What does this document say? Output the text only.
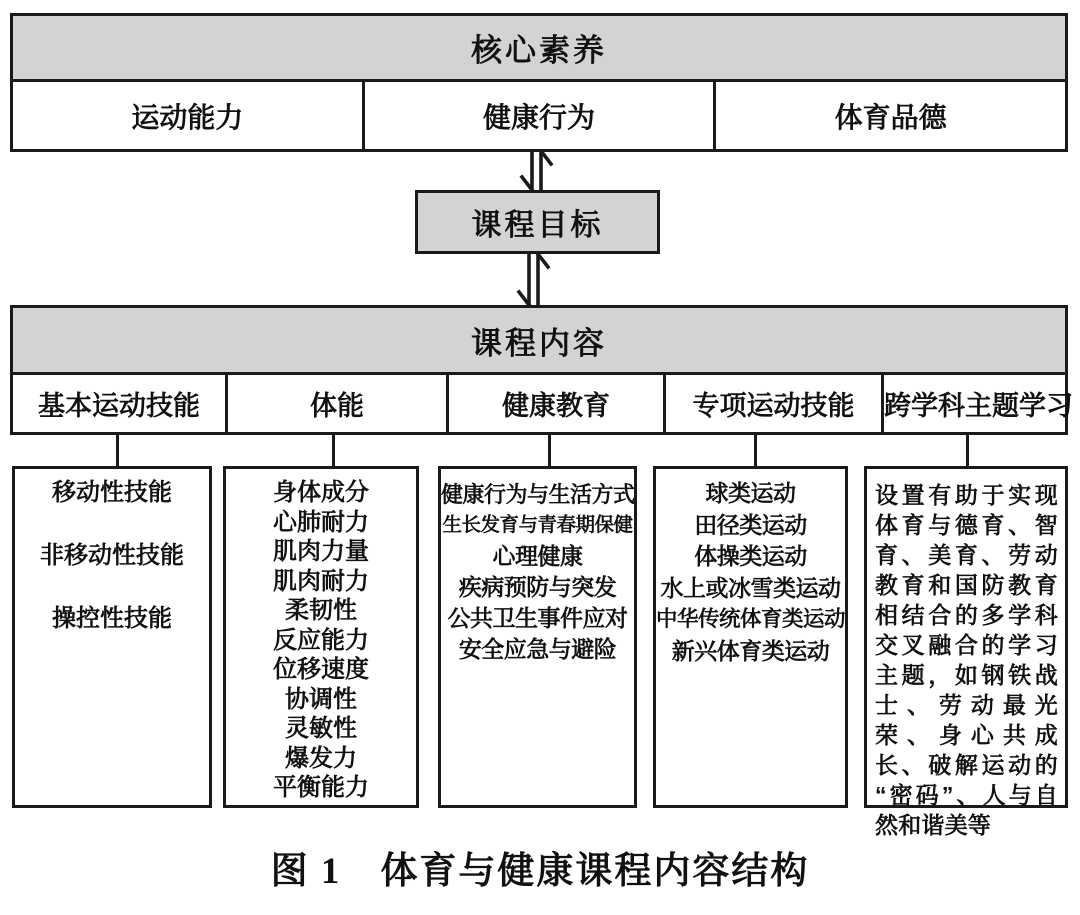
核心素养
运动能力	健康行为	体育品德
课程目标
课程内容
基本运动技能	体能	健康教育	专项运动技能	跨学科主题学习
移动性技能
非移动性技能
操控性技能
身体成分
心肺耐力
肌肉力量
肌肉耐力
柔韧性
反应能力
位移速度
协调性
灵敏性
爆发力
平衡能力
健康行为与生活方式
生长发育与青春期保健
心理健康
疾病预防与突发
公共卫生事件应对
安全应急与避险
球类运动
田径类运动
体操类运动
水上或冰雪类运动
中华传统体育类运动
新兴体育类运动
设置有助于实现体育与德育、智育、美育、劳动教育和国防教育相结合的多学科交叉融合的学习主题，如钢铁战士、劳动最光荣、身心共成长、破解运动的“密码”、人与自然和谐美等
图 1　体育与健康课程内容结构
